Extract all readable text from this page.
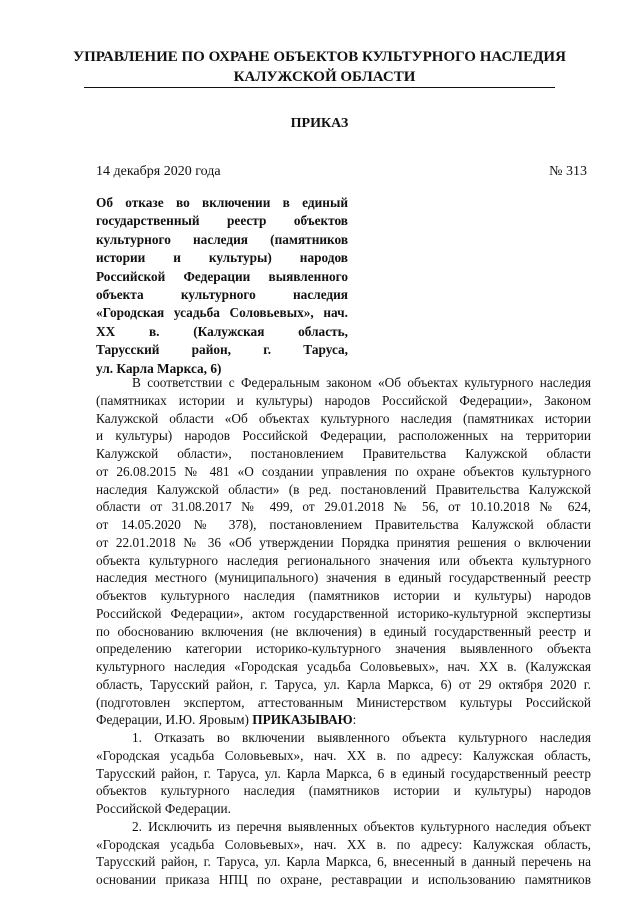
УПРАВЛЕНИЕ ПО ОХРАНЕ ОБЪЕКТОВ КУЛЬТУРНОГО НАСЛЕДИЯ
КАЛУЖСКОЙ ОБЛАСТИ
ПРИКАЗ
14 декабря 2020 года	№ 313
Об отказе во включении в единый
государственный реестр объектов
культурного наследия (памятников
истории и культуры) народов
Российской Федерации выявленного
объекта культурного наследия
«Городская усадьба Соловьевых», нач.
XX в. (Калужская область,
Тарусский район, г. Таруса,
ул. Карла Маркса, 6)
В соответствии с Федеральным законом «Об объектах культурного наследия
(памятниках истории и культуры) народов Российской Федерации», Законом
Калужской области «Об объектах культурного наследия (памятниках истории
и культуры) народов Российской Федерации, расположенных на территории
Калужской области», постановлением Правительства Калужской области
от 26.08.2015 № 481 «О создании управления по охране объектов культурного
наследия Калужской области» (в ред. постановлений Правительства Калужской
области от 31.08.2017 № 499, от 29.01.2018 № 56, от 10.10.2018 № 624,
от 14.05.2020 № 378), постановлением Правительства Калужской области
от 22.01.2018 № 36 «Об утверждении Порядка принятия решения о включении
объекта культурного наследия регионального значения или объекта культурного
наследия местного (муниципального) значения в единый государственный реестр
объектов культурного наследия (памятников истории и культуры) народов
Российской Федерации», актом государственной историко-культурной экспертизы
по обоснованию включения (не включения) в единый государственный реестр и
определению категории историко-культурного значения выявленного объекта
культурного наследия «Городская усадьба Соловьевых», нач. XX в. (Калужская
область, Тарусский район, г. Таруса, ул. Карла Маркса, 6) от 29 октября 2020 г.
(подготовлен экспертом, аттестованным Министерством культуры Российской
Федерации, И.Ю. Яровым) ПРИКАЗЫВАЮ:
1. Отказать во включении выявленного объекта культурного наследия
«Городская усадьба Соловьевых», нач. XX в. по адресу: Калужская область,
Тарусский район, г. Таруса, ул. Карла Маркса, 6 в единый государственный реестр
объектов культурного наследия (памятников истории и культуры) народов
Российской Федерации.
2. Исключить из перечня выявленных объектов культурного наследия объект
«Городская усадьба Соловьевых», нач. XX в. по адресу: Калужская область,
Тарусский район, г. Таруса, ул. Карла Маркса, 6, внесенный в данный перечень на
основании приказа НПЦ по охране, реставрации и использованию памятников
